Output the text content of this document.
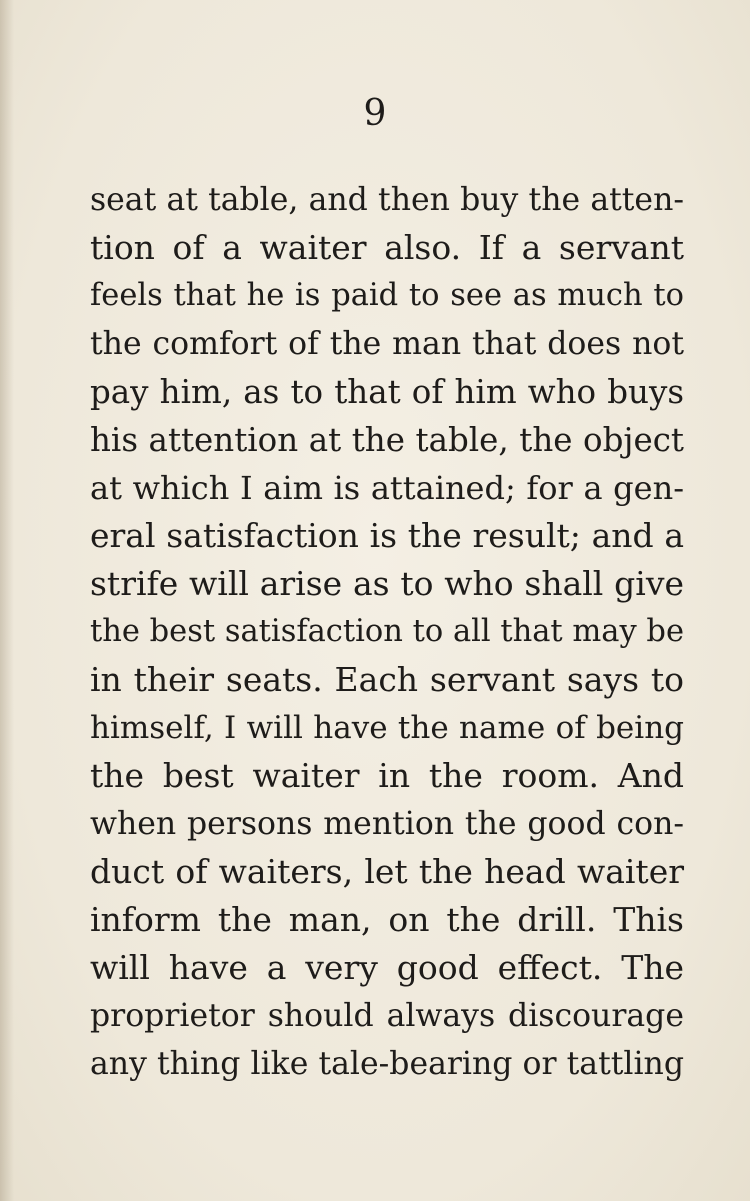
9
seat at table, and then buy the atten-
tion of a waiter also. If a servant
feels that he is paid to see as much to
the comfort of the man that does not
pay him, as to that of him who buys
his attention at the table, the object
at which I aim is attained; for a gen-
eral satisfaction is the result; and a
strife will arise as to who shall give
the best satisfaction to all that may be
in their seats. Each servant says to
himself, I will have the name of being
the best waiter in the room. And
when persons mention the good con-
duct of waiters, let the head waiter
inform the man, on the drill. This
will have a very good effect. The
proprietor should always discourage
any thing like tale-bearing or tattling
